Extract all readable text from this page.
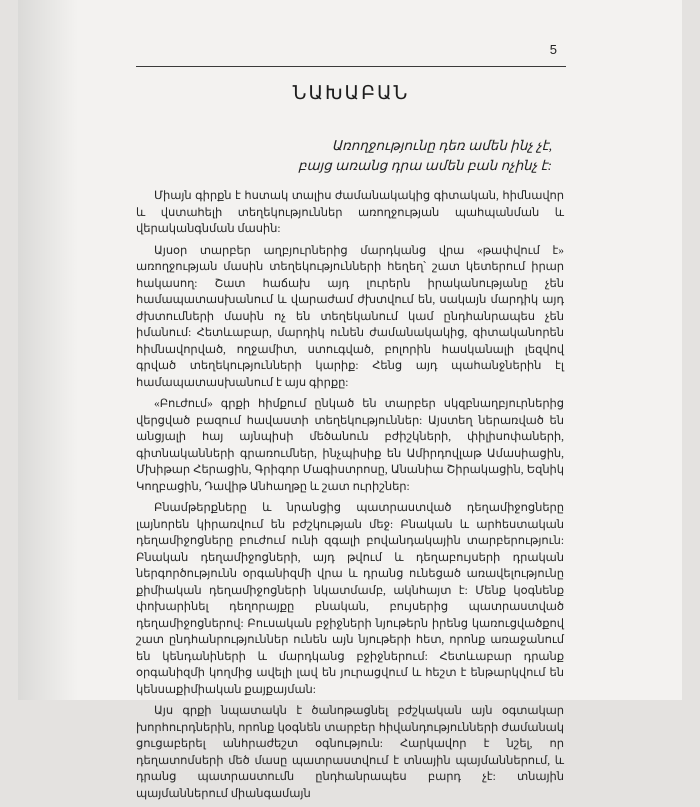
5
ՆԱԽԱԲԱՆ
Առողջությունը դեռ ամեն ինչ չէ,
բայց առանց դրա ամեն բան ոչինչ է:

Միայն գիրքն է հստակ տալիս ժամանակակից գիտական, հիմնավոր և վստահելի տեղեկություններ առողջության պահպանման և վերականգնման մասին:

Այսօր տարբեր աղբյուրներից մարդկանց վրա «թափվում է» առողջության մասին տեղեկությունների հեղեղ՝ շատ կետերում իրար հակասող: Շատ հաճախ այդ լուրերն իրականությանը չեն համապատասխանում և վարաժամ ժխտվում են, սակայն մարդիկ այդ ժխտումների մասին ոչ են տեղեկանում կամ ընդհանրապես չեն իմանում: Հետևաբար, մարդիկ ունեն ժամանակակից, գիտականորեն հիմնավորված, ողջամիտ, ստուգված, բոլորին հասկանալի լեզվով գրված տեղեկությունների կարիք: Հենց այդ պահանջներին էլ համապատասխանում է այս գիրքը:

«Բուժում» գրքի հիմքում ընկած են տարբեր սկզբնաղբյուրներից վերցված բազում հավաստի տեղեկություններ: Այստեղ ներառված են անցյալի հայ այնպիսի մեծանուն բժիշկների, փիլիսոփաների, գիտնականների գրառումներ, ինչպիսիք են Ամիրդովլաթ Ամասիացին, Մխիթար Հերացին, Գրիգոր Մագիստրոսը, Անանիա Շիրակացին, Եզնիկ Կողբացին, Դավիթ Անհաղթը և շատ ուրիշներ:

Բնամթերքները և նրանցից պատրաստված դեղամիջոցները լայնորեն կիրառվում են բժշկության մեջ: Բնական և արհեստական դեղամիջոցները բուժում ունի զգալի բովանդակային տարբերություն: Բնական դեղամիջոցների, այդ թվում և դեղաբույսերի դրական ներգործությունն օրգանիզմի վրա և դրանց ունեցած առավելությունը քիմիական դեղամիջոցների նկատմամբ, ակնհայտ է: Մենք կօգնենք փոխարինել դեղորայքը բնական, բույսերից պատրաստված դեղամիջոցներով: Բուսական բջիջների նյութերն իրենց կառուցվածքով շատ ընդհանրություններ ունեն այն նյութերի հետ, որոնք առաջանում են կենդանիների և մարդկանց բջիջներում: Հետևաբար դրանք օրգանիզմի կողմից ավելի լավ են յուրացվում և հեշտ է ենթարկվում են կենսաքիմիական քայքայման:

Այս գրքի նպատակն է ծանոթացնել բժշկական այն օգտակար խորհուրդներին, որոնք կօգնեն տարբեր հիվանդությունների ժամանակ ցուցաբերել անհրաժեշտ օգնություն: Հարկավոր է նշել, որ դեղատոմսերի մեծ մասը պատրաստվում է տնային պայմաններում, և դրանց պատրաստումն ընդհանրապես բարդ չէ: տնային պայմաններում միանգամայն
